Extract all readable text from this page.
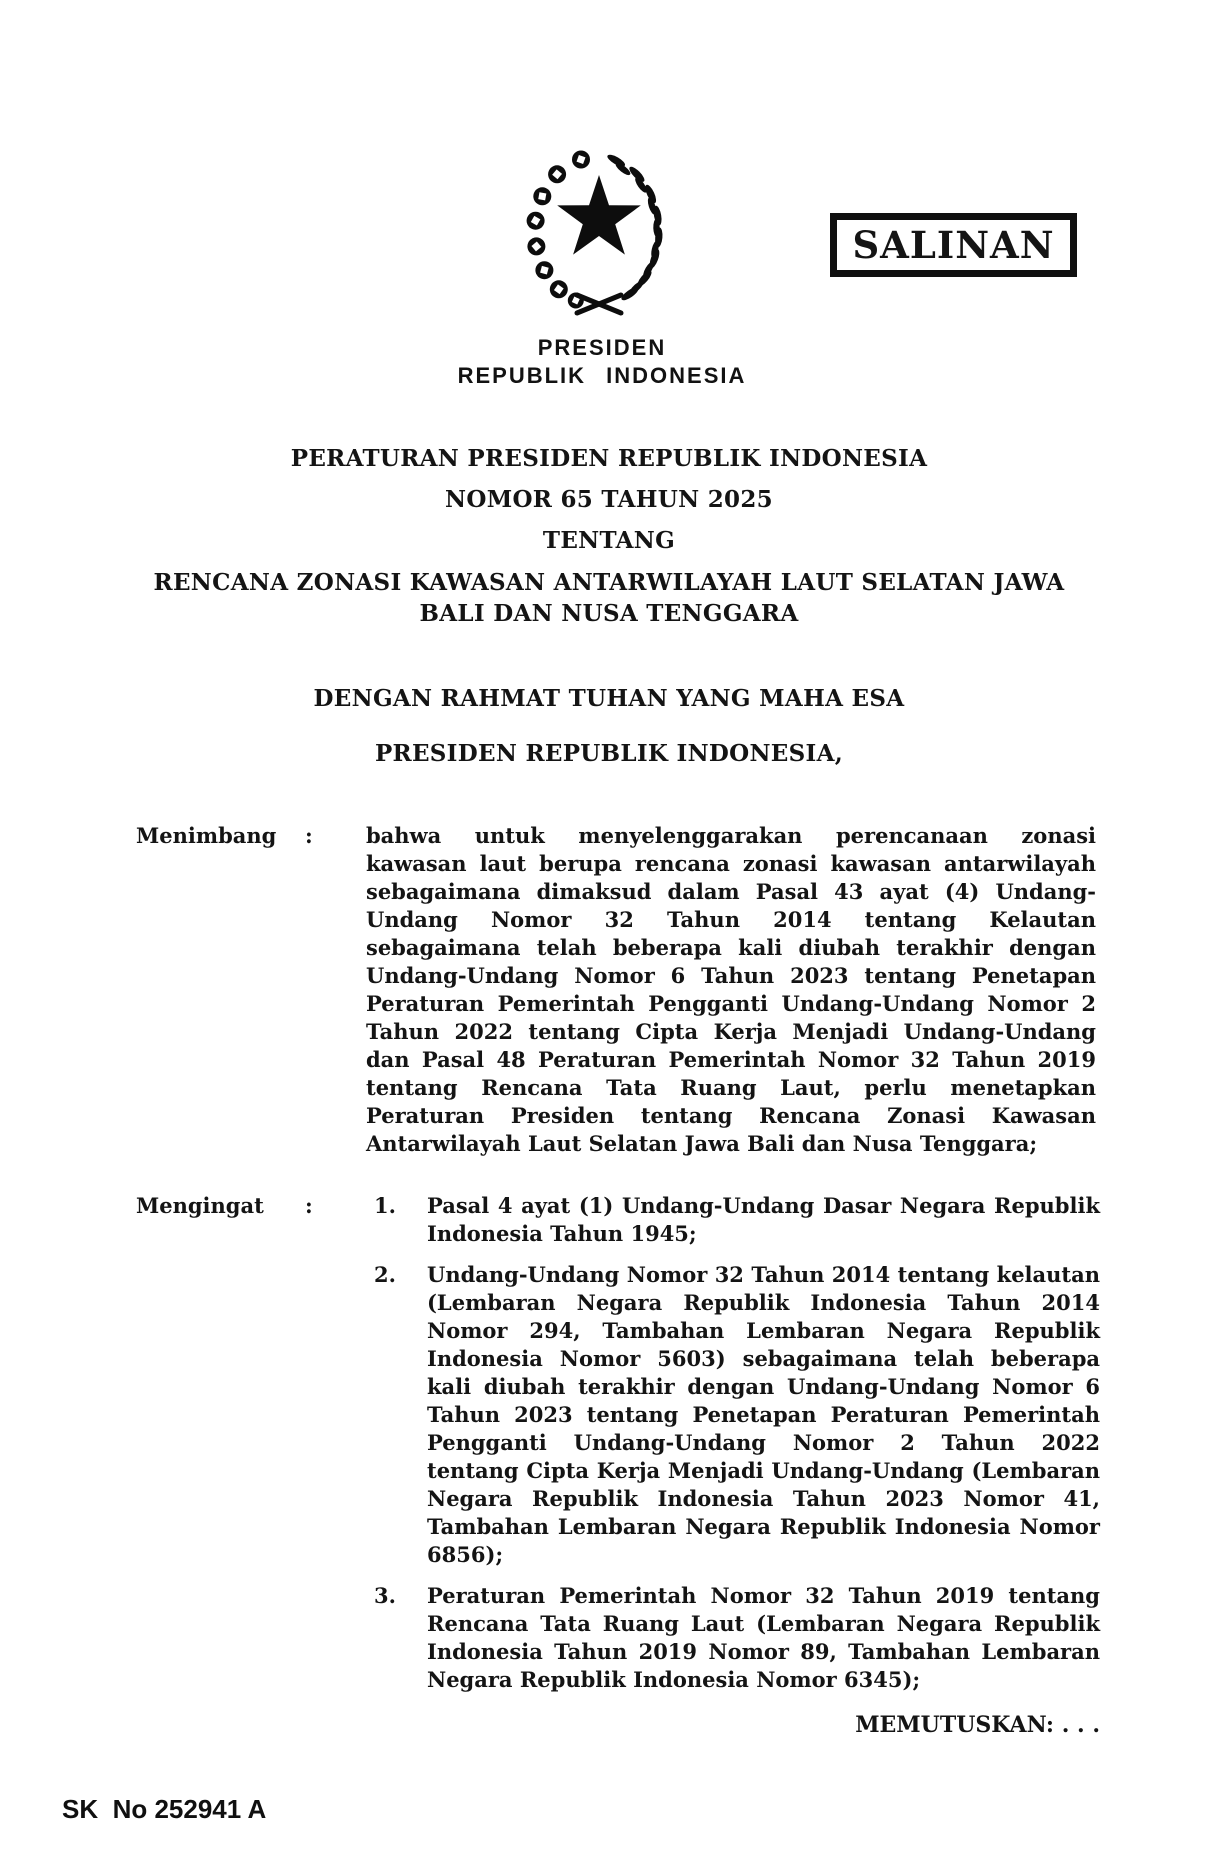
SALINAN
PRESIDEN
REPUBLIK INDONESIA
PERATURAN PRESIDEN REPUBLIK INDONESIA
NOMOR 65 TAHUN 2025
TENTANG
RENCANA ZONASI KAWASAN ANTARWILAYAH LAUT SELATAN JAWA BALI DAN NUSA TENGGARA
DENGAN RAHMAT TUHAN YANG MAHA ESA
PRESIDEN REPUBLIK INDONESIA,
Menimbang	:	bahwa untuk menyelenggarakan perencanaan zonasi kawasan laut berupa rencana zonasi kawasan antarwilayah sebagaimana dimaksud dalam Pasal 43 ayat (4) Undang-Undang Nomor 32 Tahun 2014 tentang Kelautan sebagaimana telah beberapa kali diubah terakhir dengan Undang-Undang Nomor 6 Tahun 2023 tentang Penetapan Peraturan Pemerintah Pengganti Undang-Undang Nomor 2 Tahun 2022 tentang Cipta Kerja Menjadi Undang-Undang dan Pasal 48 Peraturan Pemerintah Nomor 32 Tahun 2019 tentang Rencana Tata Ruang Laut, perlu menetapkan Peraturan Presiden tentang Rencana Zonasi Kawasan Antarwilayah Laut Selatan Jawa Bali dan Nusa Tenggara;
Mengingat	:	1.	Pasal 4 ayat (1) Undang-Undang Dasar Negara Republik Indonesia Tahun 1945;
2.	Undang-Undang Nomor 32 Tahun 2014 tentang kelautan (Lembaran Negara Republik Indonesia Tahun 2014 Nomor 294, Tambahan Lembaran Negara Republik Indonesia Nomor 5603) sebagaimana telah beberapa kali diubah terakhir dengan Undang-Undang Nomor 6 Tahun 2023 tentang Penetapan Peraturan Pemerintah Pengganti Undang-Undang Nomor 2 Tahun 2022 tentang Cipta Kerja Menjadi Undang-Undang (Lembaran Negara Republik Indonesia Tahun 2023 Nomor 41, Tambahan Lembaran Negara Republik Indonesia Nomor 6856);
3.	Peraturan Pemerintah Nomor 32 Tahun 2019 tentang Rencana Tata Ruang Laut (Lembaran Negara Republik Indonesia Tahun 2019 Nomor 89, Tambahan Lembaran Negara Republik Indonesia Nomor 6345);
MEMUTUSKAN: . . .
SK  No 252941 A
